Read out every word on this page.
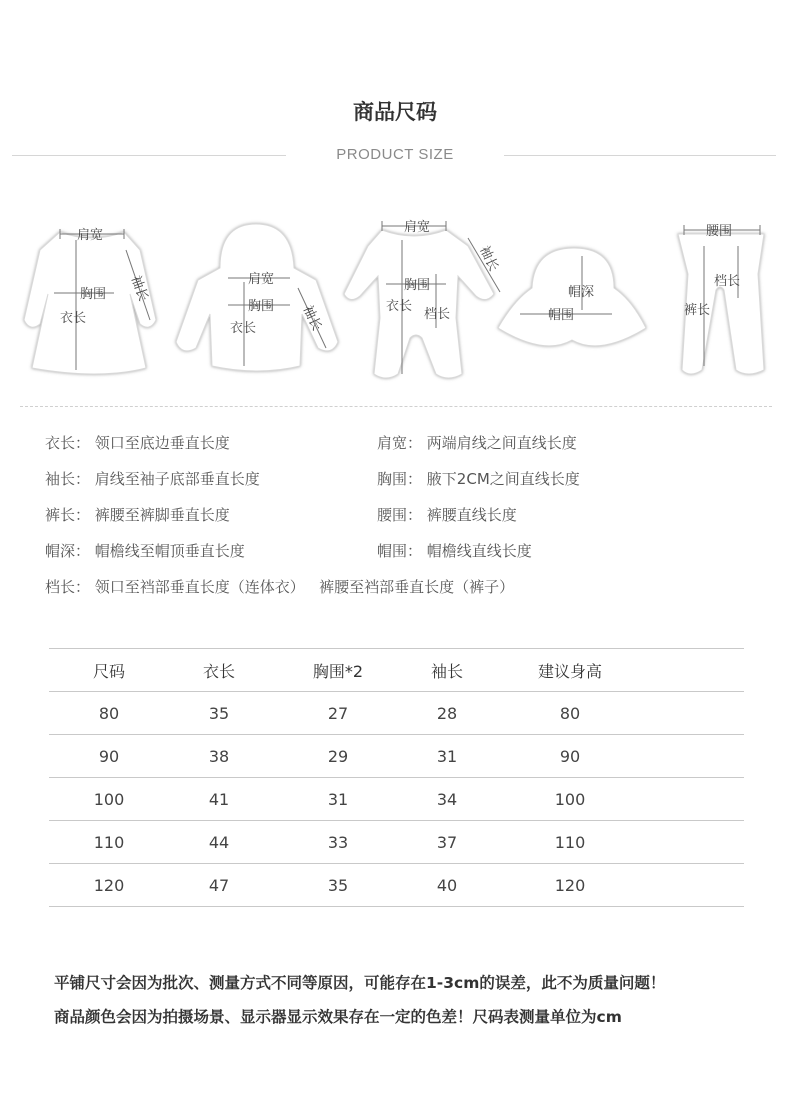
商品尺码
PRODUCT SIZE
肩宽
胸围
衣长
袖长	肩宽
胸围
衣长	袖长
肩宽
胸围
衣长
档长
袖长
帽深
帽围
腰围
档长
裤长
衣长： 领口至底边垂直长度	肩宽： 两端肩线之间直线长度
袖长： 肩线至袖子底部垂直长度	胸围： 腋下2CM之间直线长度
裤长： 裤腰至裤脚垂直长度	腰围： 裤腰直线长度
帽深： 帽檐线至帽顶垂直长度	帽围： 帽檐线直线长度
档长： 领口至裆部垂直长度（连体衣） 裤腰至裆部垂直长度（裤子）
尺码	衣长	胸围*2	袖长	建议身高	
80	35	27	28	80	
90	38	29	31	90	
100	41	31	34	100	
110	44	33	37	110	
120	47	35	40	120	
平铺尺寸会因为批次、测量方式不同等原因，可能存在1-3cm的误差，此不为质量问题！
商品颜色会因为拍摄场景、显示器显示效果存在一定的色差！尺码表测量单位为cm
